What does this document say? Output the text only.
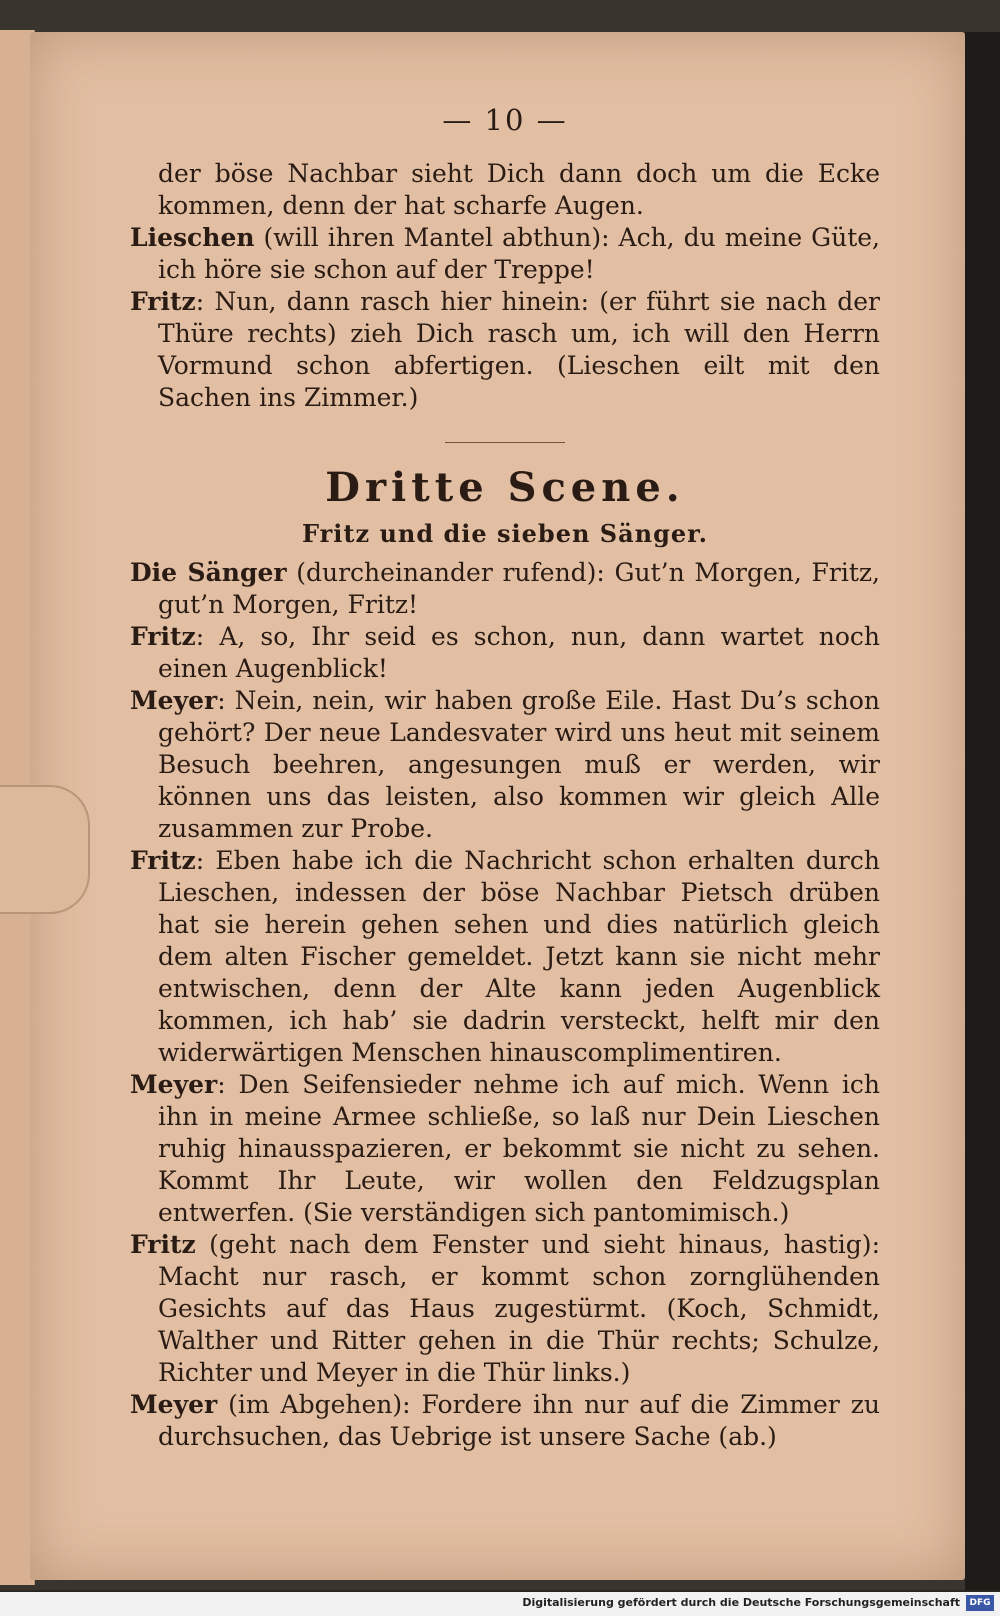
— 10 —

der böse Nachbar sieht Dich dann doch um die Ecke kommen, denn der hat scharfe Augen.

Lieschen (will ihren Mantel abthun): Ach, du meine Güte, ich höre sie schon auf der Treppe!

Fritz: Nun, dann rasch hier hinein: (er führt sie nach der Thüre rechts) zieh Dich rasch um, ich will den Herrn Vormund schon abfertigen. (Lieschen eilt mit den Sachen ins Zimmer.)

Dritte Scene.
Fritz und die sieben Sänger.

Die Sänger (durcheinander rufend): Gut’n Morgen, Fritz, gut’n Morgen, Fritz!

Fritz: A, so, Ihr seid es schon, nun, dann wartet noch einen Augenblick!

Meyer: Nein, nein, wir haben große Eile. Hast Du’s schon gehört? Der neue Landesvater wird uns heut mit seinem Besuch beehren, angesungen muß er werden, wir können uns das leisten, also kommen wir gleich Alle zusammen zur Probe.

Fritz: Eben habe ich die Nachricht schon erhalten durch Lieschen, indessen der böse Nachbar Pietsch drüben hat sie herein gehen sehen und dies natürlich gleich dem alten Fischer gemeldet. Jetzt kann sie nicht mehr entwischen, denn der Alte kann jeden Augenblick kommen, ich hab’ sie dadrin versteckt, helft mir den widerwärtigen Menschen hinauscomplimentiren.

Meyer: Den Seifensieder nehme ich auf mich. Wenn ich ihn in meine Armee schließe, so laß nur Dein Lieschen ruhig hinausspazieren, er bekommt sie nicht zu sehen. Kommt Ihr Leute, wir wollen den Feldzugsplan entwerfen. (Sie verständigen sich pantomimisch.)

Fritz (geht nach dem Fenster und sieht hinaus, hastig): Macht nur rasch, er kommt schon zornglühenden Gesichts auf das Haus zugestürmt. (Koch, Schmidt, Walther und Ritter gehen in die Thür rechts; Schulze, Richter und Meyer in die Thür links.)

Meyer (im Abgehen): Fordere ihn nur auf die Zimmer zu durchsuchen, das Uebrige ist unsere Sache (ab.)

Digitalisierung gefördert durch die Deutsche Forschungsgemeinschaft	DFG
